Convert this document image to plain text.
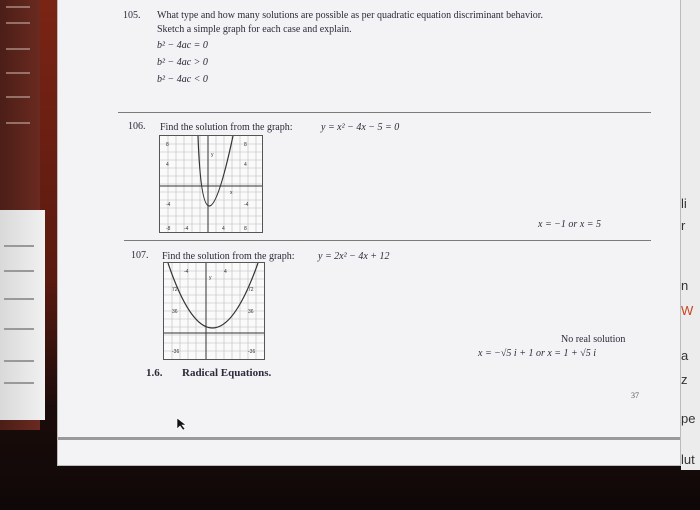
r
n
W
a
z
pe
lut
li
105. What type and how many solutions are possible as per quadratic equation discriminant behavior.
Sketch a simple graph for each case and explain.
b² − 4ac = 0
b² − 4ac > 0
b² − 4ac < 0
106. Find the solution from the graph:	y = x² − 4x − 5 = 0
-8	-4	4	8
8
4
-4
8
4
-4
y
x
x = −1 or x = 5
107. Find the solution from the graph: y = 2x² − 4x + 12
-4	4
72	72
36	36
-36	-36
y
No real solution
x = −√5 i + 1 or x = 1 + √5 i
1.6. Radical Equations.
37
